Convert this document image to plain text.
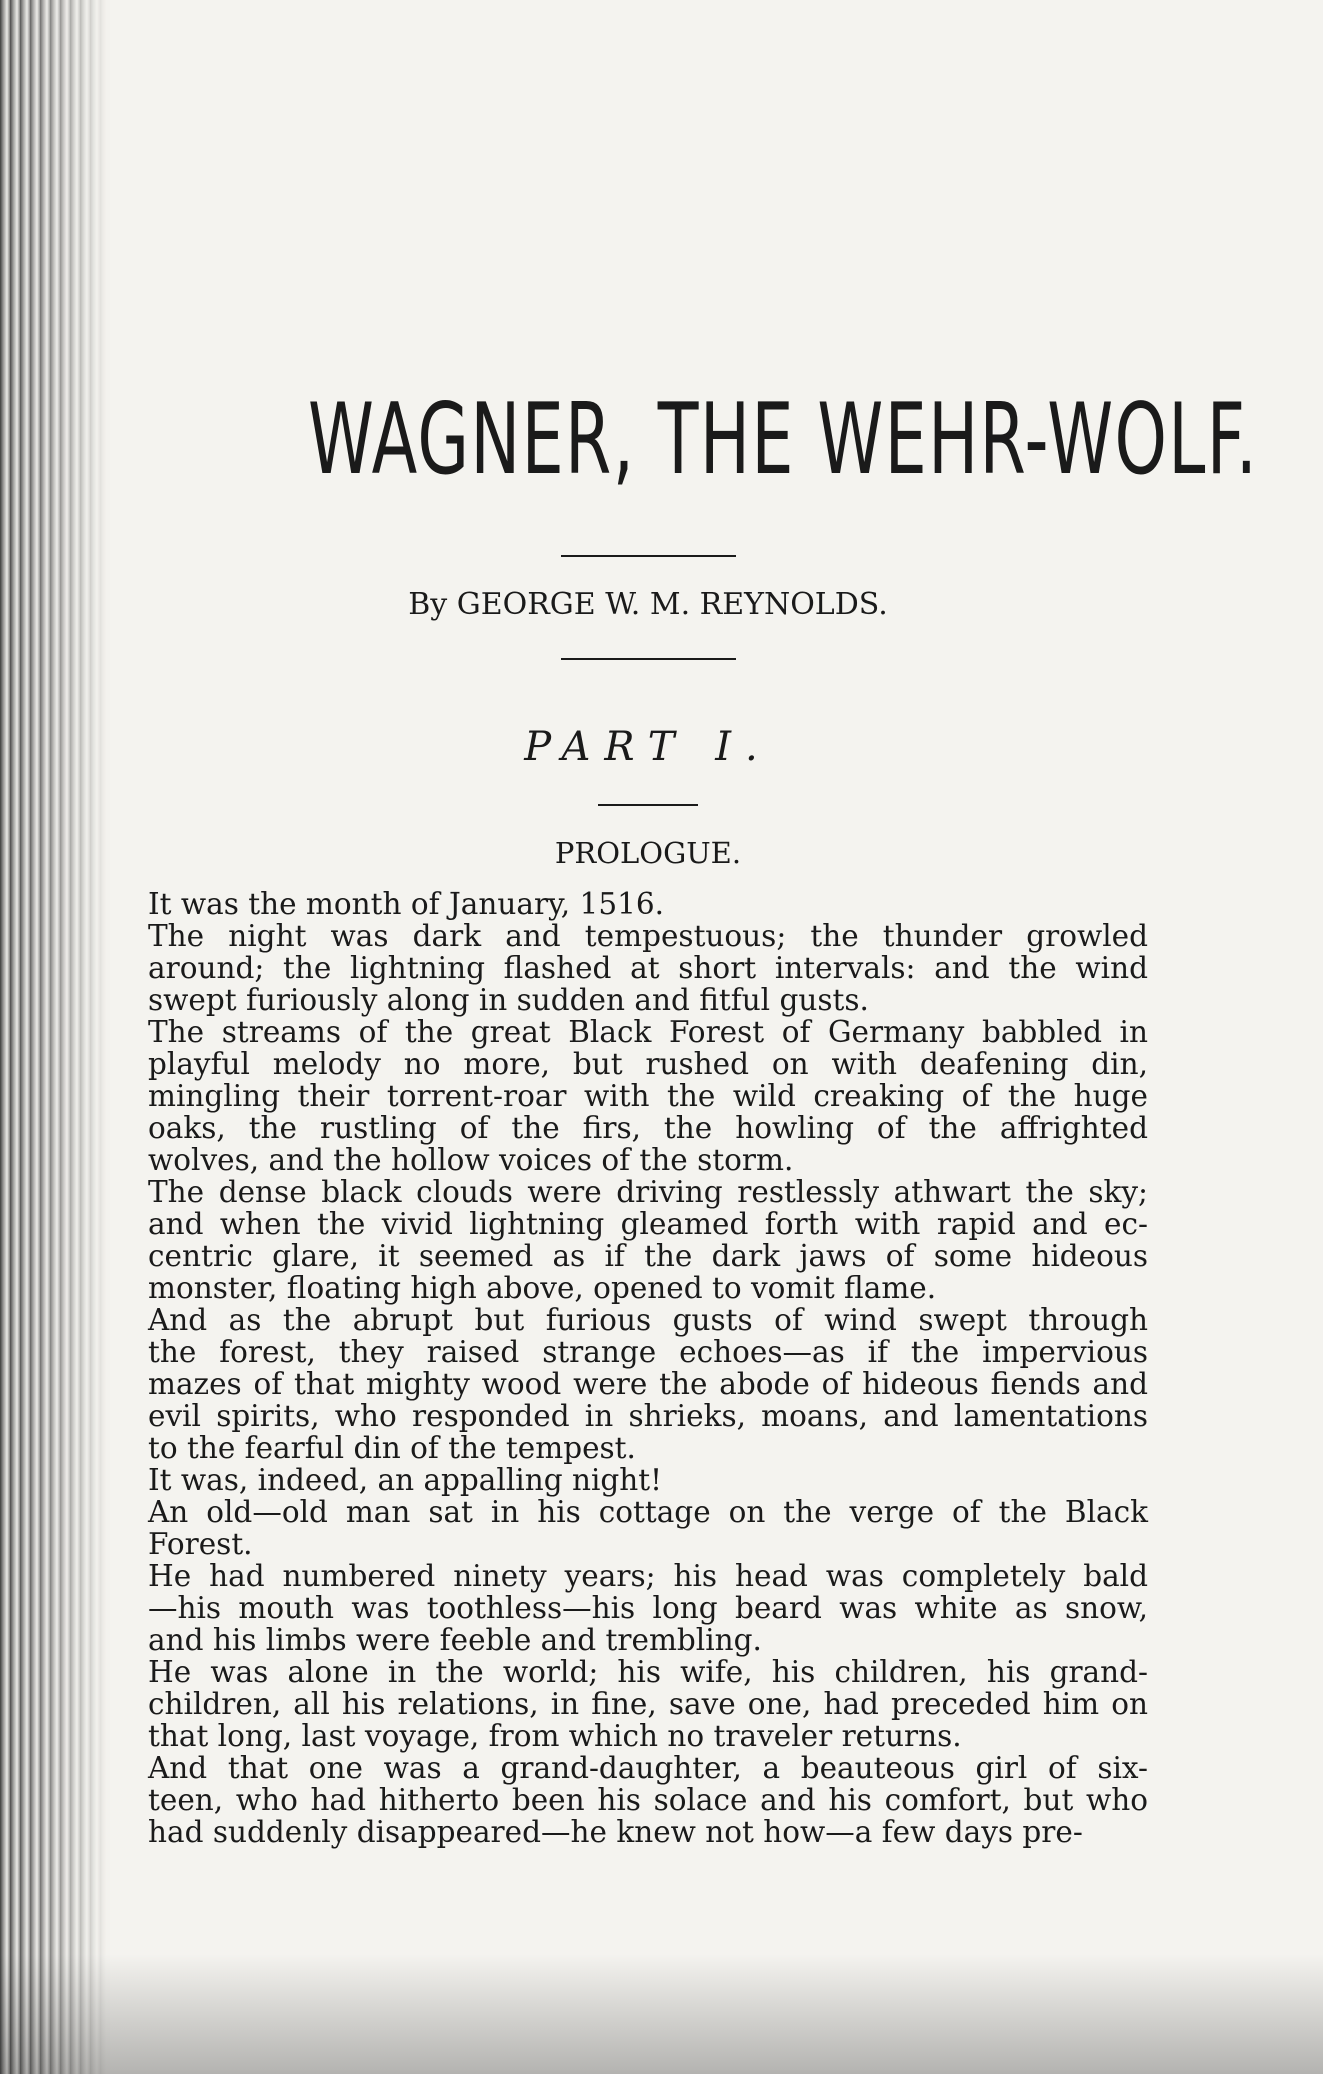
WAGNER, THE WEHR-WOLF.
By GEORGE W. M. REYNOLDS.
PART I.
PROLOGUE.

It was the month of January, 1516.

The night was dark and tempestuous; the thunder growled
around; the lightning flashed at short intervals: and the wind
swept furiously along in sudden and fitful gusts.

The streams of the great Black Forest of Germany babbled in
playful melody no more, but rushed on with deafening din,
mingling their torrent-roar with the wild creaking of the huge
oaks, the rustling of the firs, the howling of the affrighted
wolves, and the hollow voices of the storm.

The dense black clouds were driving restlessly athwart the sky;
and when the vivid lightning gleamed forth with rapid and ec-
centric glare, it seemed as if the dark jaws of some hideous
monster, floating high above, opened to vomit flame.

And as the abrupt but furious gusts of wind swept through
the forest, they raised strange echoes—as if the impervious
mazes of that mighty wood were the abode of hideous fiends and
evil spirits, who responded in shrieks, moans, and lamentations
to the fearful din of the tempest.

It was, indeed, an appalling night!

An old—old man sat in his cottage on the verge of the Black
Forest.

He had numbered ninety years; his head was completely bald
—his mouth was toothless—his long beard was white as snow,
and his limbs were feeble and trembling.

He was alone in the world; his wife, his children, his grand-
children, all his relations, in fine, save one, had preceded him on
that long, last voyage, from which no traveler returns.

And that one was a grand-daughter, a beauteous girl of six-
teen, who had hitherto been his solace and his comfort, but who
had suddenly disappeared—he knew not how—a few days pre-
